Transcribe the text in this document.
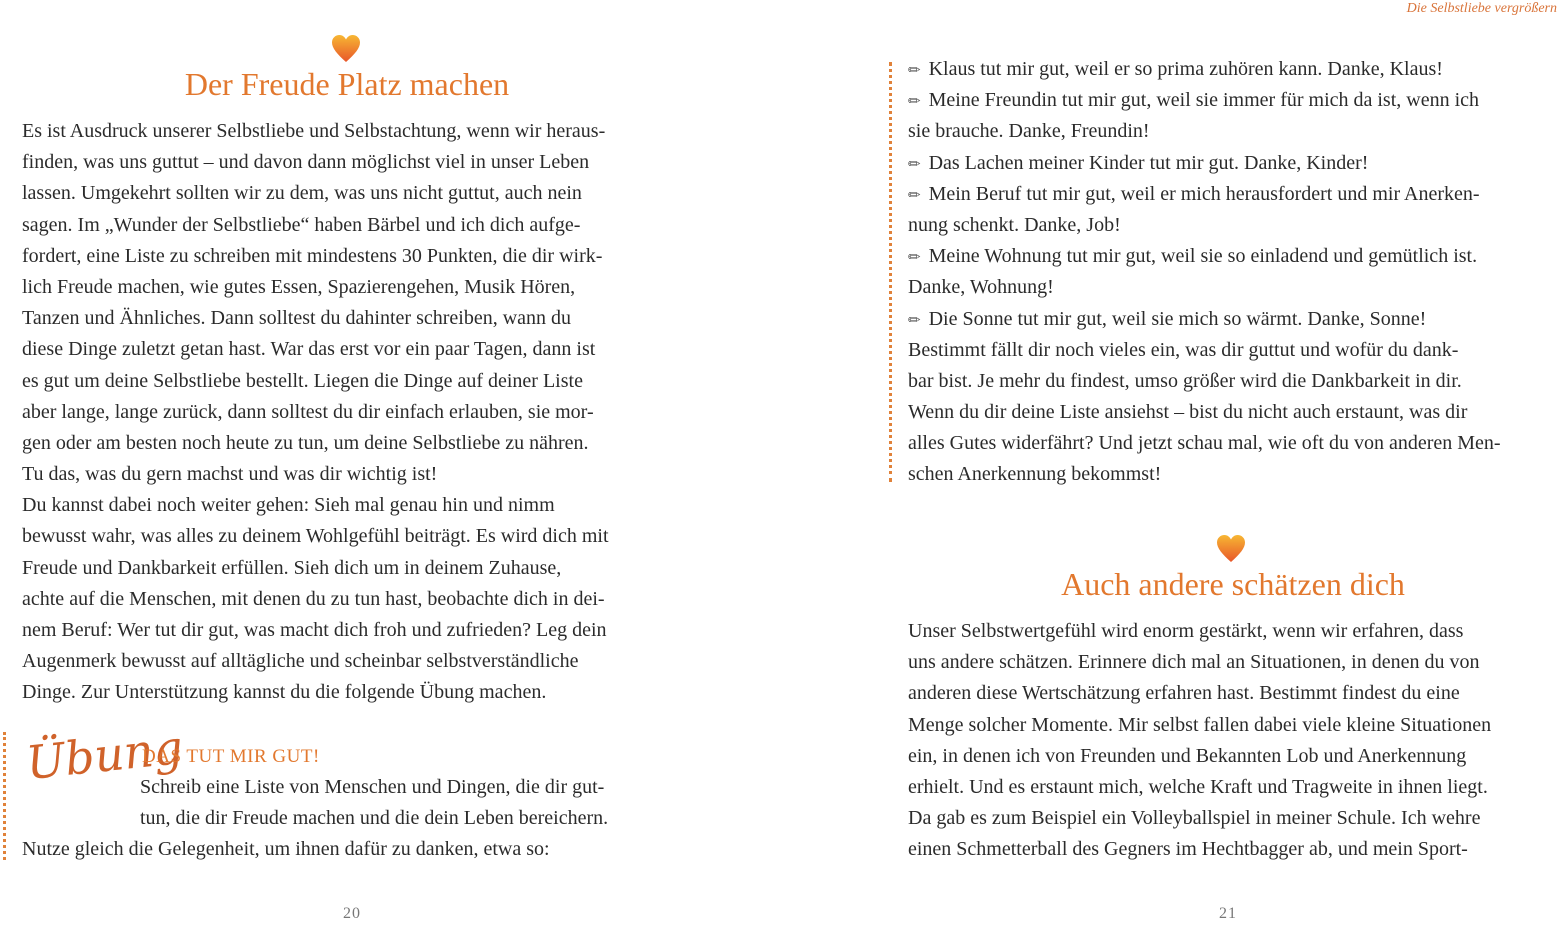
Die Selbstliebe vergrößern
Der Freude Platz machen
Es ist Ausdruck unserer Selbstliebe und Selbstachtung, wenn wir heraus-
finden, was uns guttut – und davon dann möglichst viel in unser Leben
lassen. Umgekehrt sollten wir zu dem, was uns nicht guttut, auch nein
sagen. Im „Wunder der Selbstliebe“ haben Bärbel und ich dich aufge-
fordert, eine Liste zu schreiben mit mindestens 30 Punkten, die dir wirk-
lich Freude machen, wie gutes Essen, Spazierengehen, Musik Hören,
Tanzen und Ähnliches. Dann solltest du dahinter schreiben, wann du
diese Dinge zuletzt getan hast. War das erst vor ein paar Tagen, dann ist
es gut um deine Selbstliebe bestellt. Liegen die Dinge auf deiner Liste
aber lange, lange zurück, dann solltest du dir einfach erlauben, sie mor-
gen oder am besten noch heute zu tun, um deine Selbstliebe zu nähren.
Tu das, was du gern machst und was dir wichtig ist!
Du kannst dabei noch weiter gehen: Sieh mal genau hin und nimm
bewusst wahr, was alles zu deinem Wohlgefühl beiträgt. Es wird dich mit
Freude und Dankbarkeit erfüllen. Sieh dich um in deinem Zuhause,
achte auf die Menschen, mit denen du zu tun hast, beobachte dich in dei-
nem Beruf: Wer tut dir gut, was macht dich froh und zufrieden? Leg dein
Augenmerk bewusst auf alltägliche und scheinbar selbstverständliche
Dinge. Zur Unterstützung kannst du die folgende Übung machen.
Übung
DAS TUT MIR GUT!
Schreib eine Liste von Menschen und Dingen, die dir gut-
tun, die dir Freude machen und die dein Leben bereichern.
Nutze gleich die Gelegenheit, um ihnen dafür zu danken, etwa so:
20
✏ Klaus tut mir gut, weil er so prima zuhören kann. Danke, Klaus!
✏ Meine Freundin tut mir gut, weil sie immer für mich da ist, wenn ich
sie brauche. Danke, Freundin!
✏ Das Lachen meiner Kinder tut mir gut. Danke, Kinder!
✏ Mein Beruf tut mir gut, weil er mich herausfordert und mir Anerken-
nung schenkt. Danke, Job!
✏ Meine Wohnung tut mir gut, weil sie so einladend und gemütlich ist.
Danke, Wohnung!
✏ Die Sonne tut mir gut, weil sie mich so wärmt. Danke, Sonne!
Bestimmt fällt dir noch vieles ein, was dir guttut und wofür du dank-
bar bist. Je mehr du findest, umso größer wird die Dankbarkeit in dir.
Wenn du dir deine Liste ansiehst – bist du nicht auch erstaunt, was dir
alles Gutes widerfährt? Und jetzt schau mal, wie oft du von anderen Men-
schen Anerkennung bekommst!
Auch andere schätzen dich
Unser Selbstwertgefühl wird enorm gestärkt, wenn wir erfahren, dass
uns andere schätzen. Erinnere dich mal an Situationen, in denen du von
anderen diese Wertschätzung erfahren hast. Bestimmt findest du eine
Menge solcher Momente. Mir selbst fallen dabei viele kleine Situationen
ein, in denen ich von Freunden und Bekannten Lob und Anerkennung
erhielt. Und es erstaunt mich, welche Kraft und Tragweite in ihnen liegt.
Da gab es zum Beispiel ein Volleyballspiel in meiner Schule. Ich wehre
einen Schmetterball des Gegners im Hechtbagger ab, und mein Sport-
21
